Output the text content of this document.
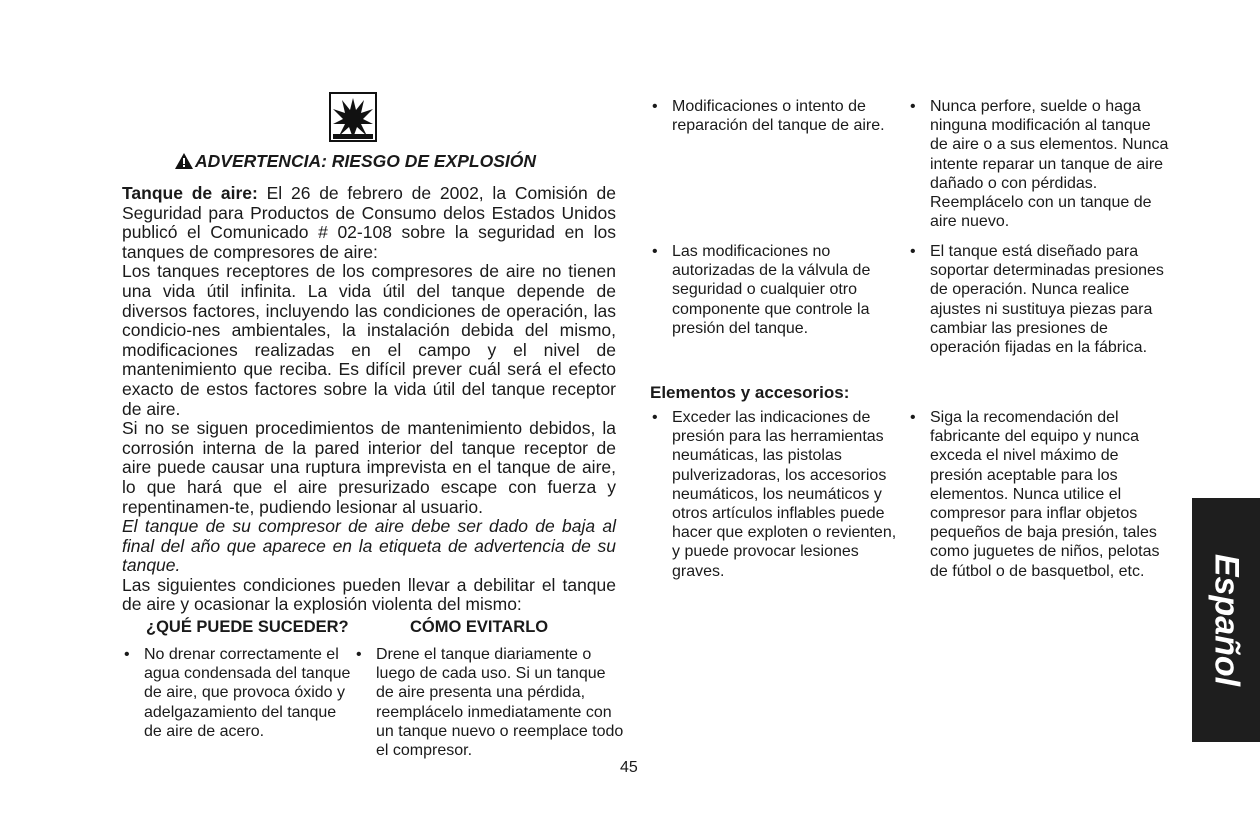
ADVERTENCIA: RIESGO DE EXPLOSIÓN

Tanque de aire: El 26 de febrero de 2002, la Comisión de Seguridad para Productos de Consumo delos Estados Unidos publicó el Comunicado # 02-108 sobre la seguridad en los tanques de compresores de aire:

Los tanques receptores de los compresores de aire no tienen una vida útil infinita. La vida útil del tanque depende de diversos factores, incluyendo las condiciones de operación, las condicio-nes ambientales, la instalación debida del mismo, modificaciones realizadas en el campo y el nivel de mantenimiento que reciba. Es difícil prever cuál será el efecto exacto de estos factores sobre la vida útil del tanque receptor de aire.

Si no se siguen procedimientos de mantenimiento debidos, la corrosión interna de la pared interior del tanque receptor de aire puede causar una ruptura imprevista en el tanque de aire, lo que hará que el aire presurizado escape con fuerza y repentinamen-te, pudiendo lesionar al usuario.

El tanque de su compresor de aire debe ser dado de baja al final del año que aparece en la etiqueta de advertencia de su tanque.

Las siguientes condiciones pueden llevar a debilitar el tanque de aire y ocasionar la explosión violenta del mismo:

¿QUÉ PUEDE SUCEDER?	CÓMO EVITARLO
• No drenar correctamente el agua condensada del tanque de aire, que provoca óxido y adelgazamiento del tanque de aire de acero.
• Drene el tanque diariamente o luego de cada uso. Si un tanque de aire presenta una pérdida, reemplácelo inmediatamente con un tanque nuevo o reemplace todo el compresor.
45
• Modificaciones o intento de reparación del tanque de aire.
• Nunca perfore, suelde o haga ninguna modificación al tanque de aire o a sus elementos. Nunca intente reparar un tanque de aire dañado o con pérdidas. Reemplácelo con un tanque de aire nuevo.
• Las modificaciones no autorizadas de la válvula de seguridad o cualquier otro componente que controle la presión del tanque.
• El tanque está diseñado para soportar determinadas presiones de operación. Nunca realice ajustes ni sustituya piezas para cambiar las presiones de operación fijadas en la fábrica.
Elementos y accesorios:
• Exceder las indicaciones de presión para las herramientas neumáticas, las pistolas pulverizadoras, los accesorios neumáticos, los neumáticos y otros artículos inflables puede hacer que exploten o revienten, y puede provocar lesiones graves.
• Siga la recomendación del fabricante del equipo y nunca exceda el nivel máximo de presión aceptable para los elementos. Nunca utilice el compresor para inflar objetos pequeños de baja presión, tales como juguetes de niños, pelotas de fútbol o de basquetbol, etc.	Español
